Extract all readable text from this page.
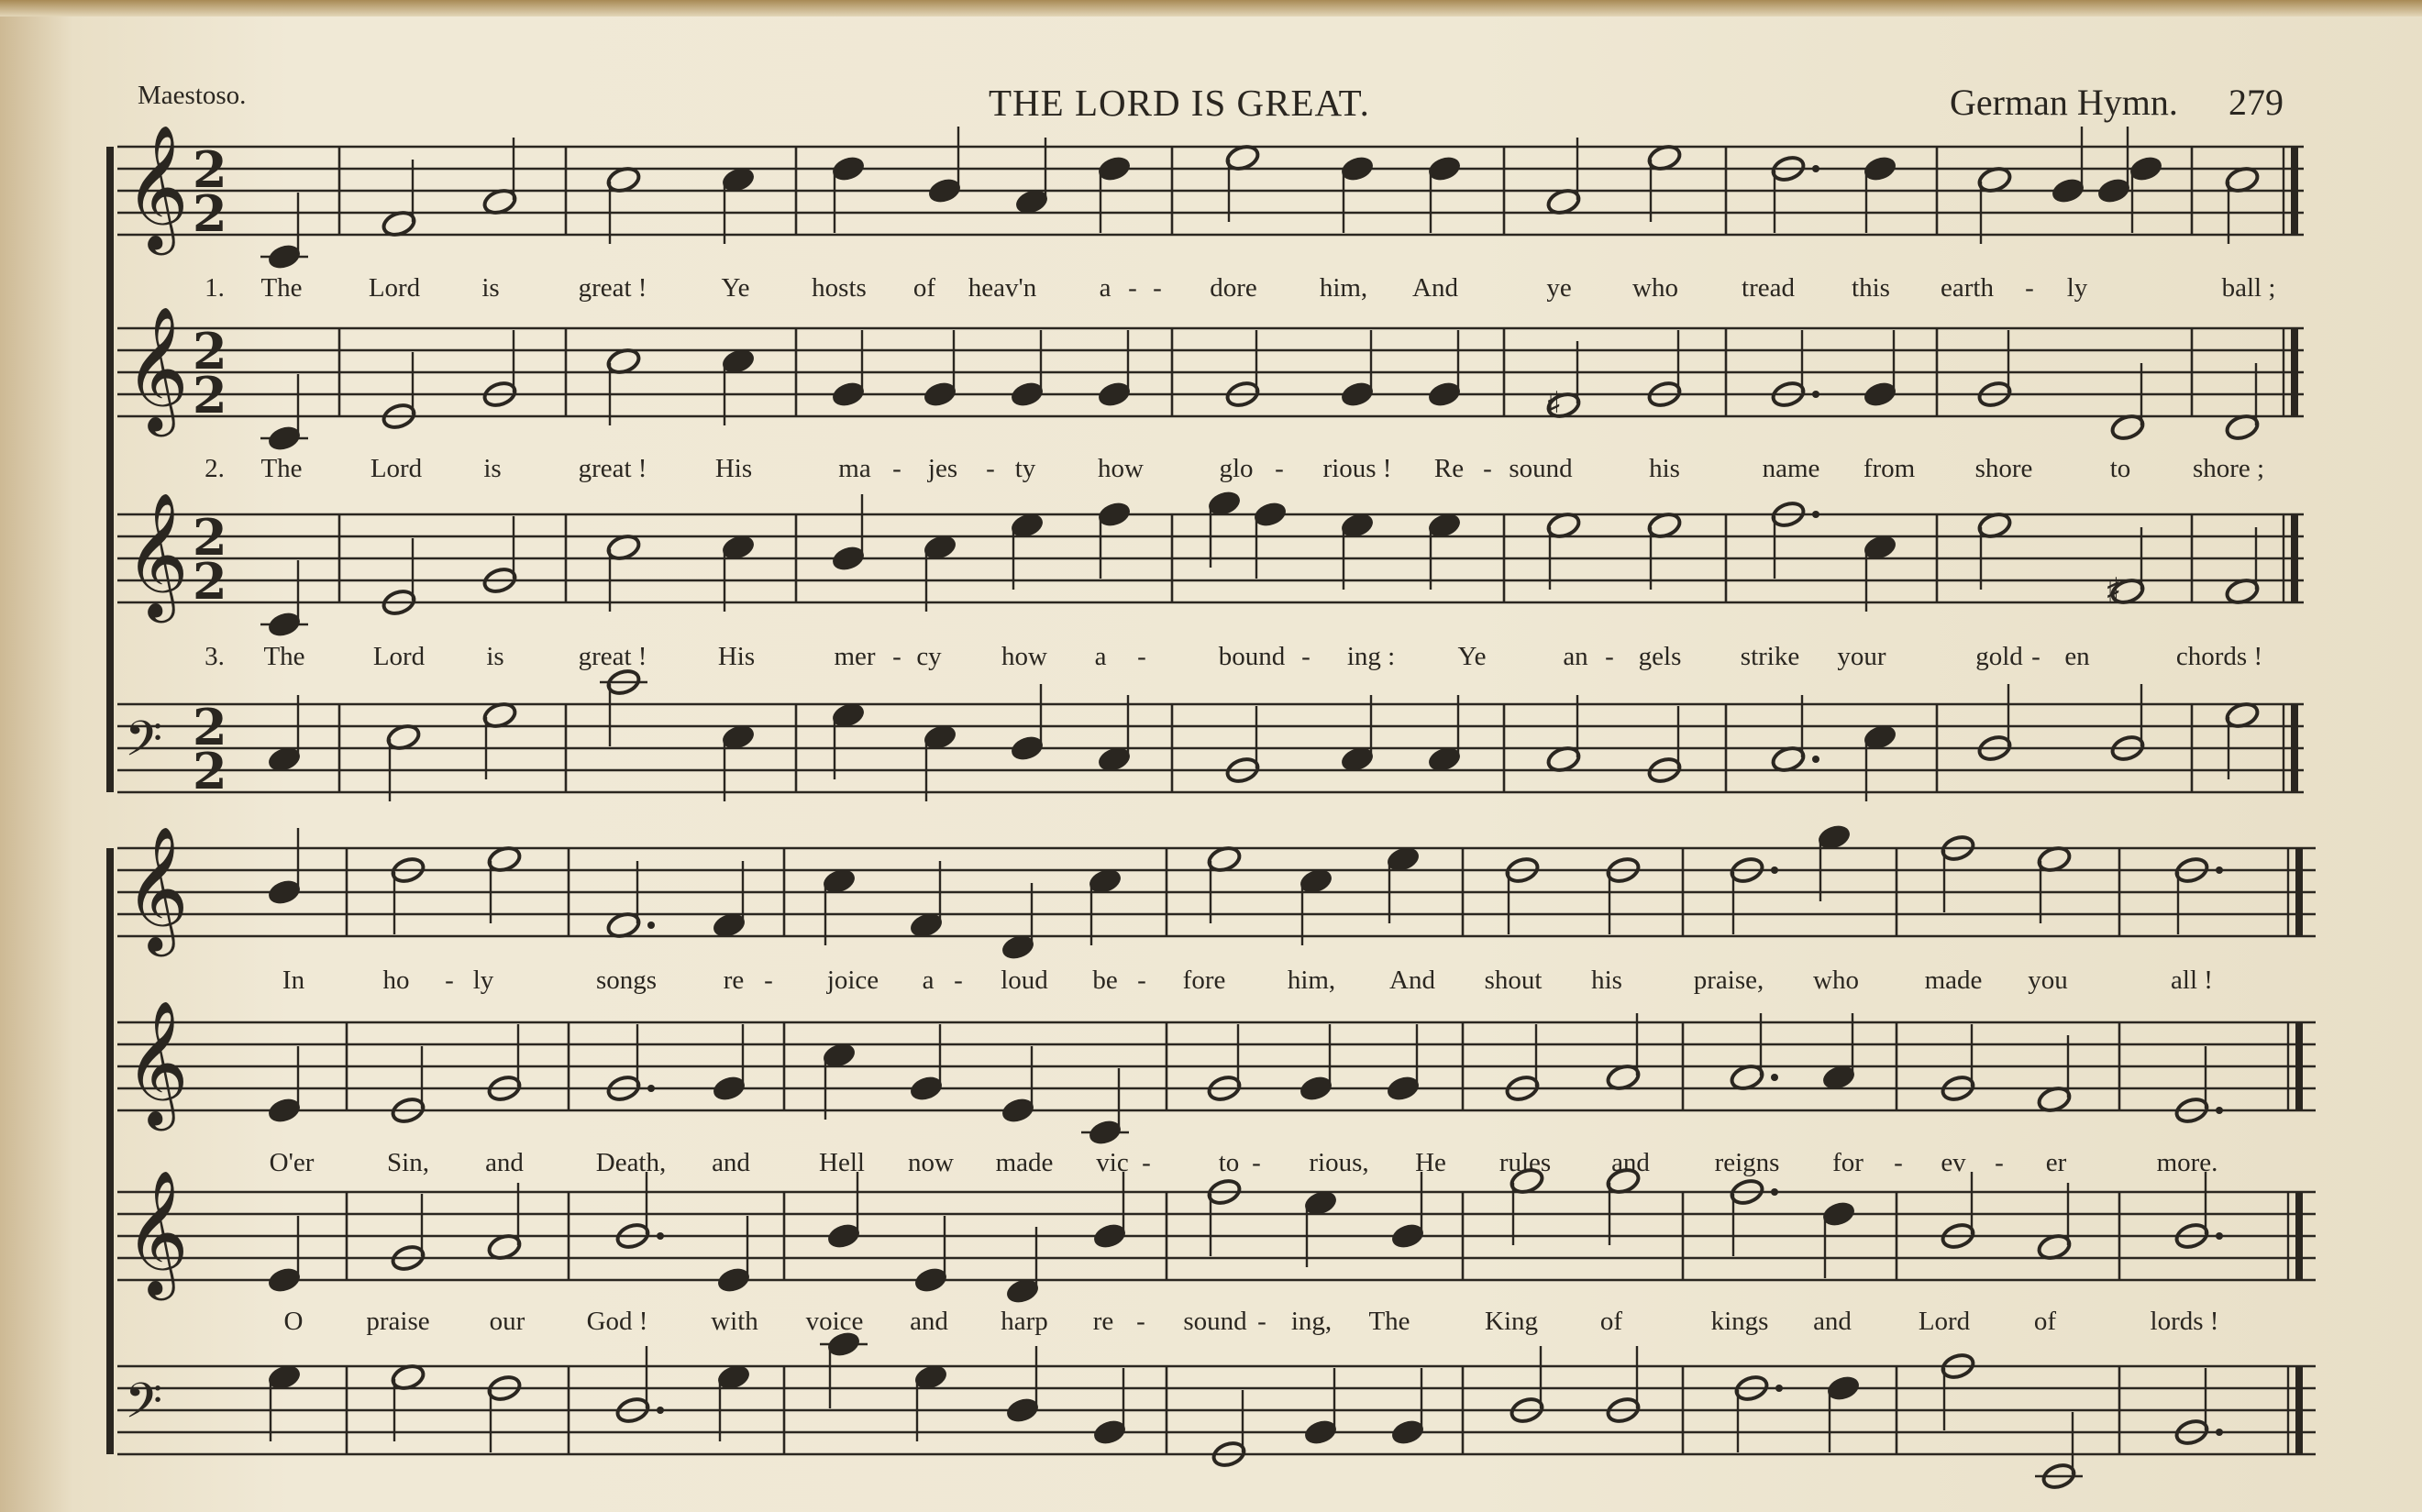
Maestoso.	THE LORD IS GREAT.	German Hymn. 279
𝄞 2
2
𝄞 2
2
𝄞 2
2
𝄢 2
2
𝄞
𝄞
𝄞
𝄢
♯
♯
1. The Lord is	great !	Ye hosts of heav'n a - - dore him, And	ye who tread this earth - ly	ball ;
2. The	Lord is	great !	His	ma - jes - ty how	glo - rious ! Re - sound	his	name from shore	to shore ;
3. The	Lord is	great !	His	mer - cy how a -	bound - ing : Ye	an - gels strike your	gold - en	chords !
In	ho - ly	songs	re - joice a - loud be - fore him, And shout his	praise, who made you	all !
O'er	Sin, and	Death, and	Hell now made vic -	to - rious, He rules and reigns for - ev - er	more.
O praise our God ! with voice and harp re - sound - ing, The	King of	kings and	Lord of	lords !
